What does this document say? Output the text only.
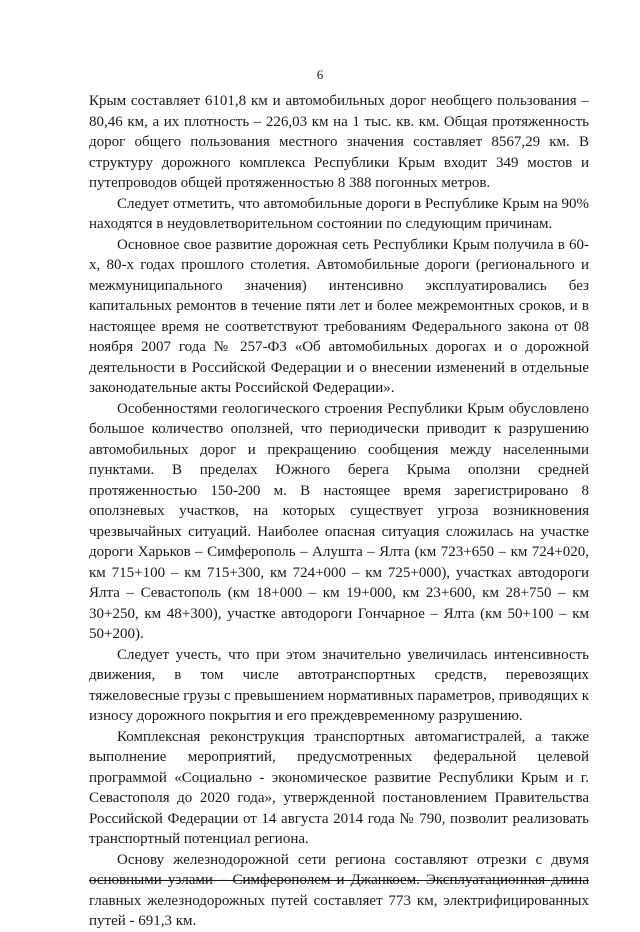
6

Крым составляет 6101,8 км и автомобильных дорог необщего пользования – 80,46 км, а их плотность – 226,03 км на 1 тыс. кв. км. Общая протяженность дорог общего пользования местного значения составляет 8567,29 км. В структуру дорожного комплекса Республики Крым входит 349 мостов и путепроводов общей протяженностью 8 388 погонных метров.

Следует отметить, что автомобильные дороги в Республике Крым на 90% находятся в неудовлетворительном состоянии по следующим причинам.

Основное свое развитие дорожная сеть Республики Крым получила в 60-х, 80-х годах прошлого столетия. Автомобильные дороги (регионального и межмуниципального значения) интенсивно эксплуатировались без капитальных ремонтов в течение пяти лет и более межремонтных сроков, и в настоящее время не соответствуют требованиям Федерального закона от 08 ноября 2007 года № 257-ФЗ «Об автомобильных дорогах и о дорожной деятельности в Российской Федерации и о внесении изменений в отдельные законодательные акты Российской Федерации».

Особенностями геологического строения Республики Крым обусловлено большое количество оползней, что периодически приводит к разрушению автомобильных дорог и прекращению сообщения между населенными пунктами. В пределах Южного берега Крыма оползни средней протяженностью 150-200 м. В настоящее время зарегистрировано 8 оползневых участков, на которых существует угроза возникновения чрезвычайных ситуаций. Наиболее опасная ситуация сложилась на участке дороги Харьков – Симферополь – Алушта – Ялта (км 723+650 – км 724+020, км 715+100 – км 715+300, км 724+000 – км 725+000), участках автодороги Ялта – Севастополь (км 18+000 – км 19+000, км 23+600, км 28+750 – км 30+250, км 48+300), участке автодороги Гончарное – Ялта (км 50+100 – км 50+200).

Следует учесть, что при этом значительно увеличилась интенсивность движения, в том числе автотранспортных средств, перевозящих тяжеловесные грузы с превышением нормативных параметров, приводящих к износу дорожного покрытия и его преждевременному разрушению.

Комплексная реконструкция транспортных автомагистралей, а также выполнение мероприятий, предусмотренных федеральной целевой программой «Социально - экономическое развитие Республики Крым и г. Севастополя до 2020 года», утвержденной постановлением Правительства Российской Федерации от 14 августа 2014 года № 790, позволит реализовать транспортный потенциал региона.

Основу железнодорожной сети региона составляют отрезки с двумя основными узлами – Симферополем и Джанкоем. Эксплуатационная длина главных железнодорожных путей составляет 773 км, электрифицированных путей - 691,3 км.
